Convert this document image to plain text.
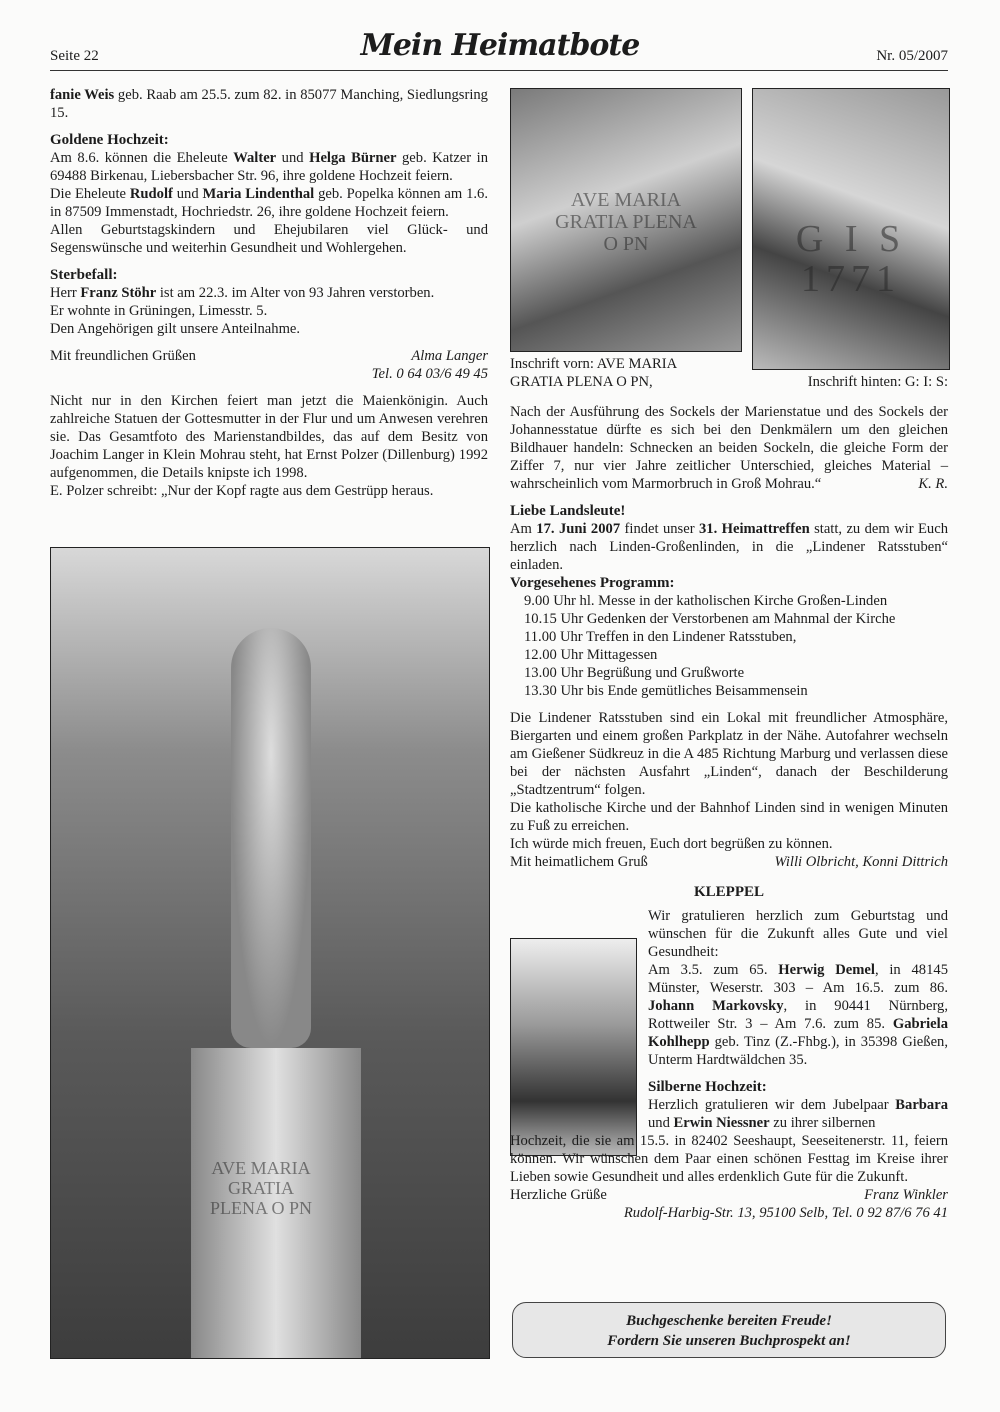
Seite 22	Mein Heimatbote	Nr. 05/2007

fanie Weis geb. Raab am 25.5. zum 82. in 85077 Manching, Siedlungsring 15.

Goldene Hochzeit:

Am 8.6. können die Eheleute Walter und Helga Bürner geb. Katzer in 69488 Birkenau, Liebersbacher Str. 96, ihre goldene Hochzeit feiern.

Die Eheleute Rudolf und Maria Lindenthal geb. Popelka können am 1.6. in 87509 Immenstadt, Hochriedstr. 26, ihre goldene Hochzeit feiern.

Allen Geburtstagskindern und Ehejubilaren viel Glück- und Segenswünsche und weiterhin Gesundheit und Wohlergehen.

Sterbefall:

Herr Franz Stöhr ist am 22.3. im Alter von 93 Jahren verstorben.

Er wohnte in Grüningen, Limesstr. 5.

Den Angehörigen gilt unsere Anteilnahme.

Mit freundlichen Grüßen	Alma Langer

Tel. 0 64 03/6 49 45

Nicht nur in den Kirchen feiert man jetzt die Maienkönigin. Auch zahlreiche Statuen der Gottesmutter in der Flur und um Anwesen verehren sie. Das Gesamtfoto des Marienstandbildes, das auf dem Besitz von Joachim Langer in Klein Mohrau steht, hat Ernst Polzer (Dillenburg) 1992 aufgenommen, die Details knipste ich 1998.

E. Polzer schreibt: „Nur der Kopf ragte aus dem Gestrüpp heraus.

AVE MARIA GRATIA PLENA O PN
AVE MARIA GRATIA PLENA O PN	G I S 1771
Inschrift vorn: AVE MARIA GRATIA PLENA O PN,	Inschrift hinten: G: I: S:

Nach der Ausführung des Sockels der Marienstatue und des Sockels der Johannesstatue dürfte es sich bei den Denkmälern um den gleichen Bildhauer handeln: Schnecken an beiden Sockeln, die gleiche Form der Ziffer 7, nur vier Jahre zeitlicher Unterschied, gleiches Material – wahrscheinlich vom Marmorbruch in Groß Mohrau.“	K. R.

Liebe Landsleute!

Am 17. Juni 2007 findet unser 31. Heimattreffen statt, zu dem wir Euch herzlich nach Linden-Großenlinden, in die „Lindener Ratsstuben“ einladen.

Vorgesehenes Programm:

9.00 Uhr hl. Messe in der katholischen Kirche Großen-Linden

10.15 Uhr Gedenken der Verstorbenen am Mahnmal der Kirche

11.00 Uhr Treffen in den Lindener Ratsstuben,

12.00 Uhr Mittagessen

13.00 Uhr Begrüßung und Grußworte

13.30 Uhr bis Ende gemütliches Beisammensein

Die Lindener Ratsstuben sind ein Lokal mit freundlicher Atmosphäre, Biergarten und einem großen Parkplatz in der Nähe. Autofahrer wechseln am Gießener Südkreuz in die A 485 Richtung Marburg und verlassen diese bei der nächsten Ausfahrt „Linden“, danach der Beschilderung „Stadtzentrum“ folgen.

Die katholische Kirche und der Bahnhof Linden sind in wenigen Minuten zu Fuß zu erreichen.

Ich würde mich freuen, Euch dort begrüßen zu können.

Mit heimatlichem Gruß	Willi Olbricht, Konni Dittrich

KLEPPEL

Wir gratulieren herzlich zum Geburtstag und wünschen für die Zukunft alles Gute und viel Gesundheit:

Am 3.5. zum 65. Herwig Demel, in 48145 Münster, Weserstr. 303 – Am 16.5. zum 86. Johann Markovsky, in 90441 Nürnberg, Rottweiler Str. 3 – Am 7.6. zum 85. Gabriela Kohlhepp geb. Tinz (Z.-Fhbg.), in 35398 Gießen, Unterm Hardtwäldchen 35.

Silberne Hochzeit:

Herzlich gratulieren wir dem Jubelpaar Barbara und Erwin Niessner zu ihrer silbernen

Hochzeit, die sie am 15.5. in 82402 Seeshaupt, Seeseitenerstr. 11, feiern können. Wir wünschen dem Paar einen schönen Festtag im Kreise ihrer Lieben sowie Gesundheit und alles erdenklich Gute für die Zukunft.

Herzliche Grüße	Franz Winkler

Rudolf-Harbig-Str. 13, 95100 Selb, Tel. 0 92 87/6 76 41

Buchgeschenke bereiten Freude!
Fordern Sie unseren Buchprospekt an!
